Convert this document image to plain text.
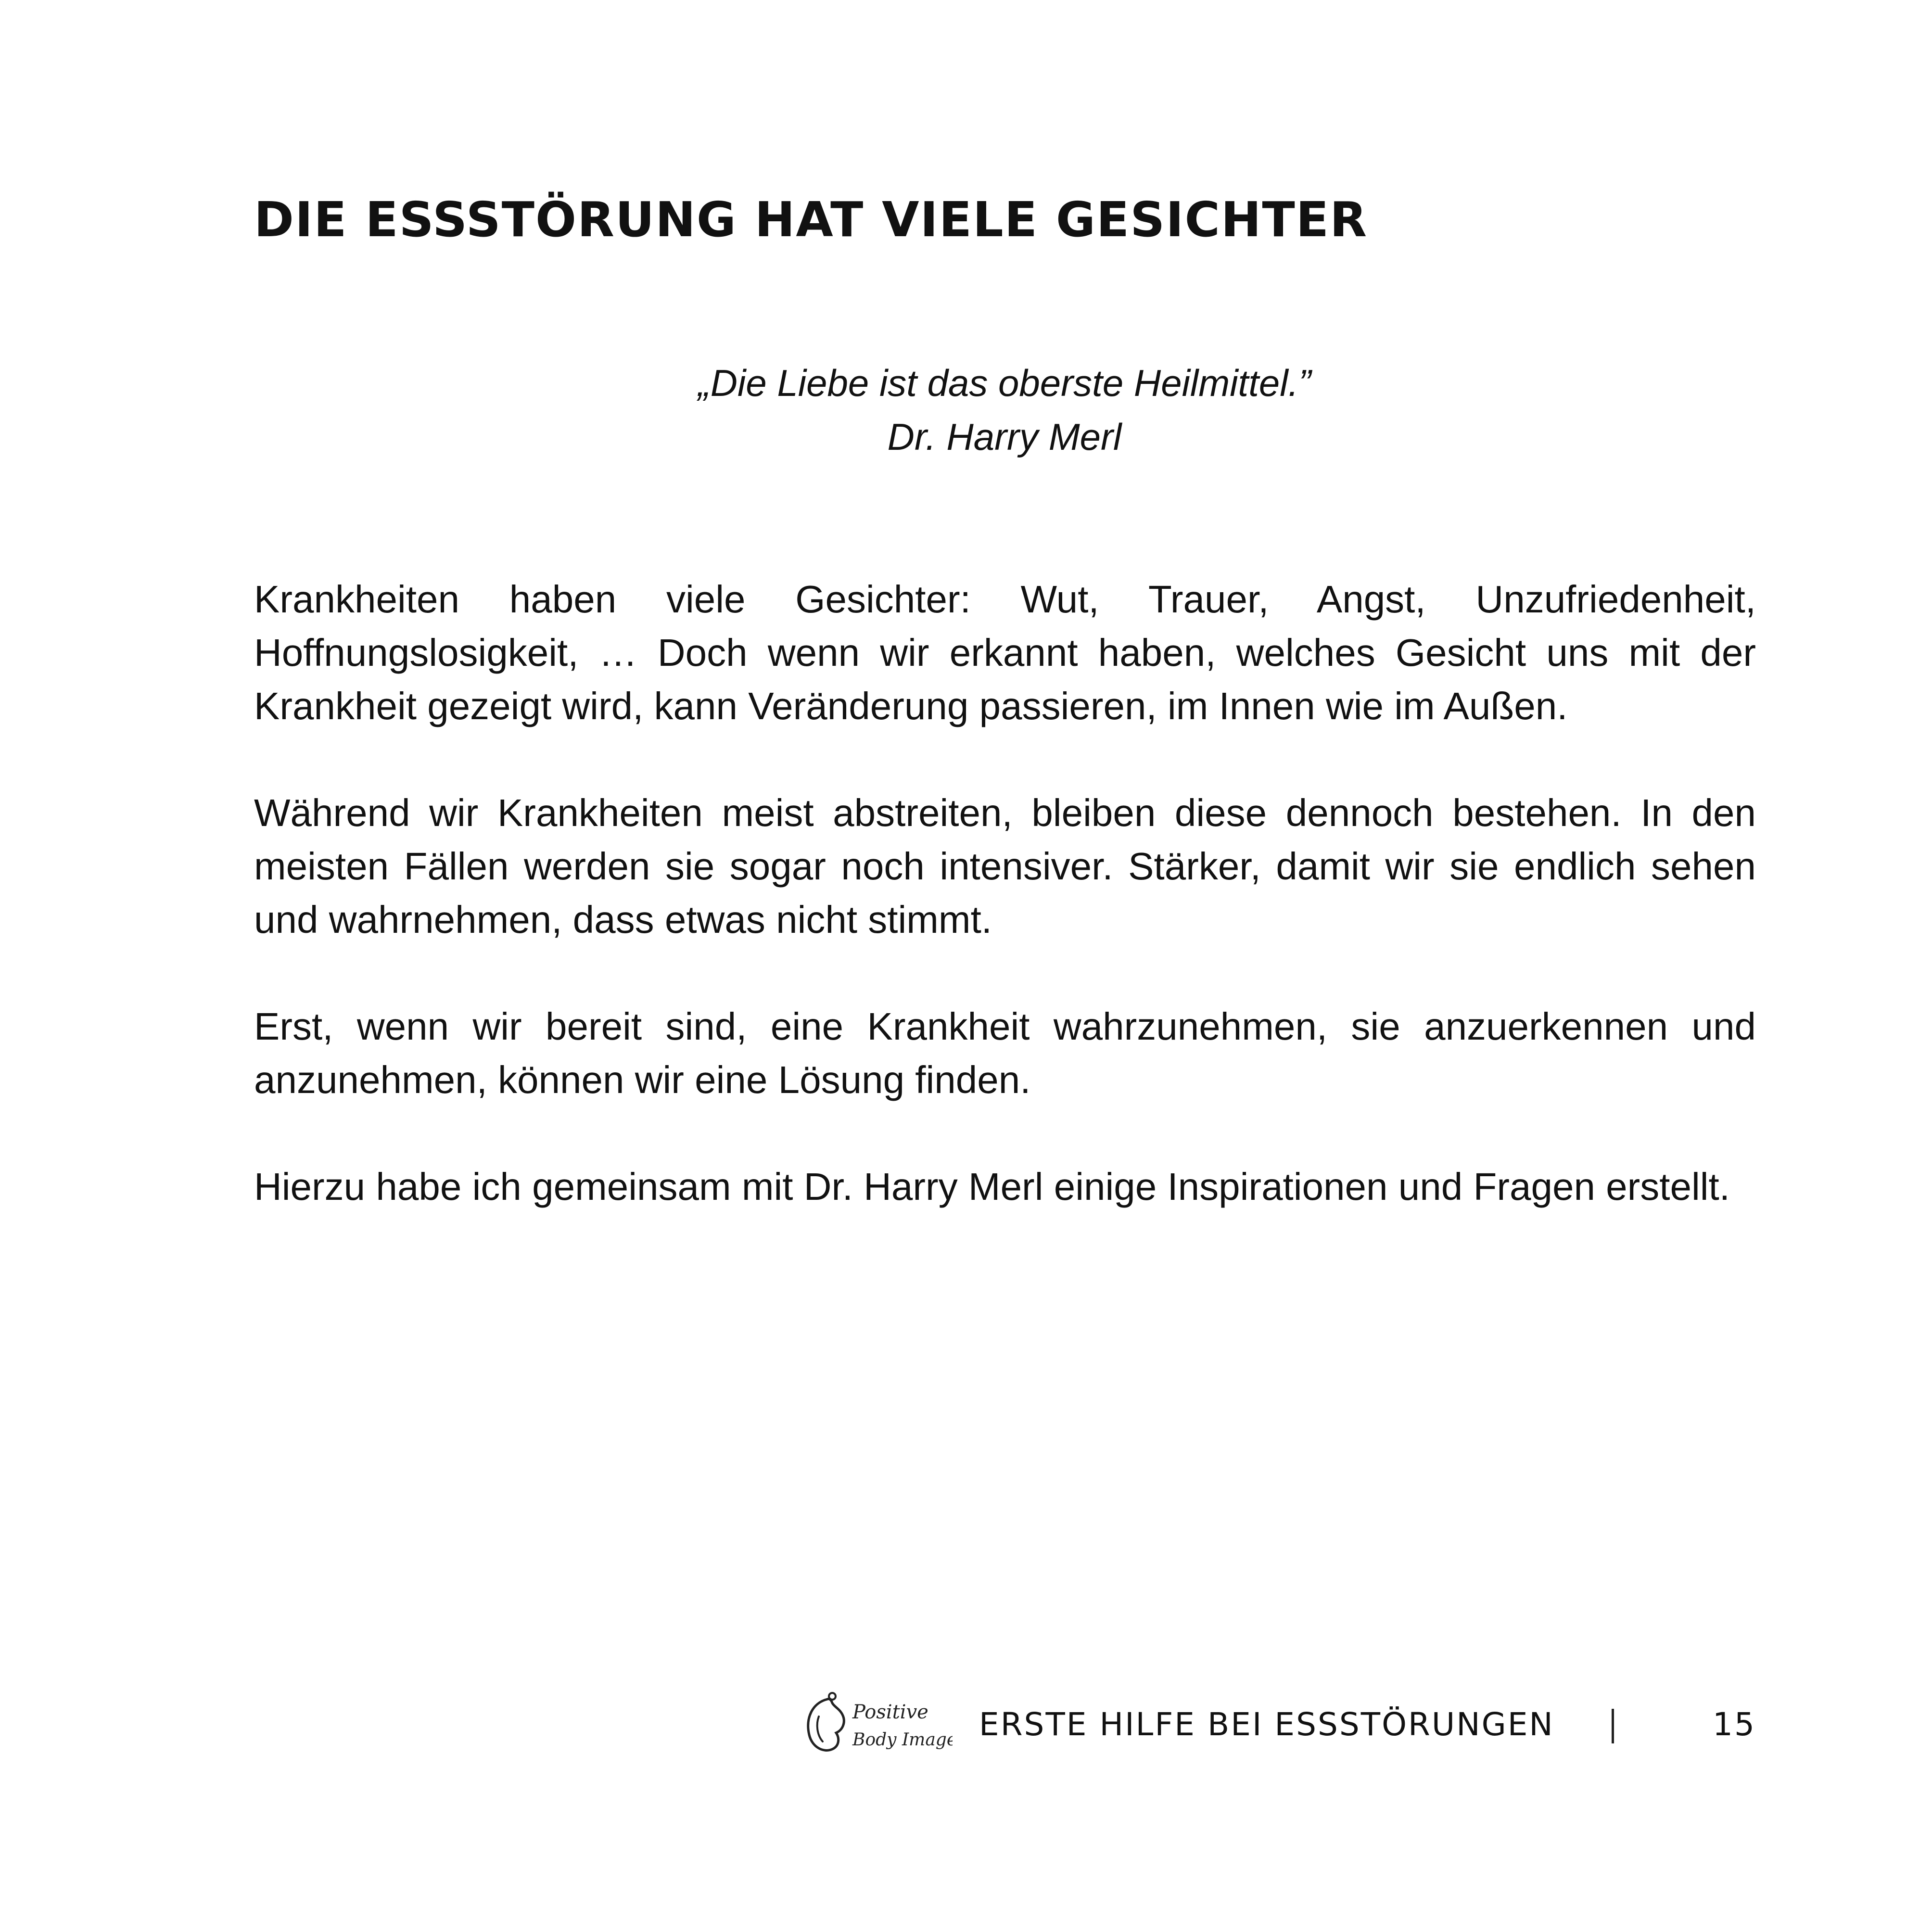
DIE ESSSTÖRUNG HAT VIELE GESICHTER
„Die Liebe ist das oberste Heilmittel.”
Dr. Harry Merl

Krankheiten haben viele Gesichter: Wut, Trauer, Angst, Unzufriedenheit, Hoffnungslosigkeit, … Doch wenn wir erkannt haben, welches Gesicht uns mit der Krankheit gezeigt wird, kann Veränderung passieren, im Innen wie im Außen.

Während wir Krankheiten meist abstreiten, bleiben diese dennoch bestehen. In den meisten Fällen werden sie sogar noch intensiver. Stärker, damit wir sie endlich sehen und wahrnehmen, dass etwas nicht stimmt.

Erst, wenn wir bereit sind, eine Krankheit wahrzunehmen, sie anzuerkennen und anzunehmen, können wir eine Lösung finden.

Hierzu habe ich gemeinsam mit Dr. Harry Merl einige Inspirationen und Fragen erstellt.

Positive
Body Image ERSTE HILFE BEI ESSSTÖRUNGEN	15
